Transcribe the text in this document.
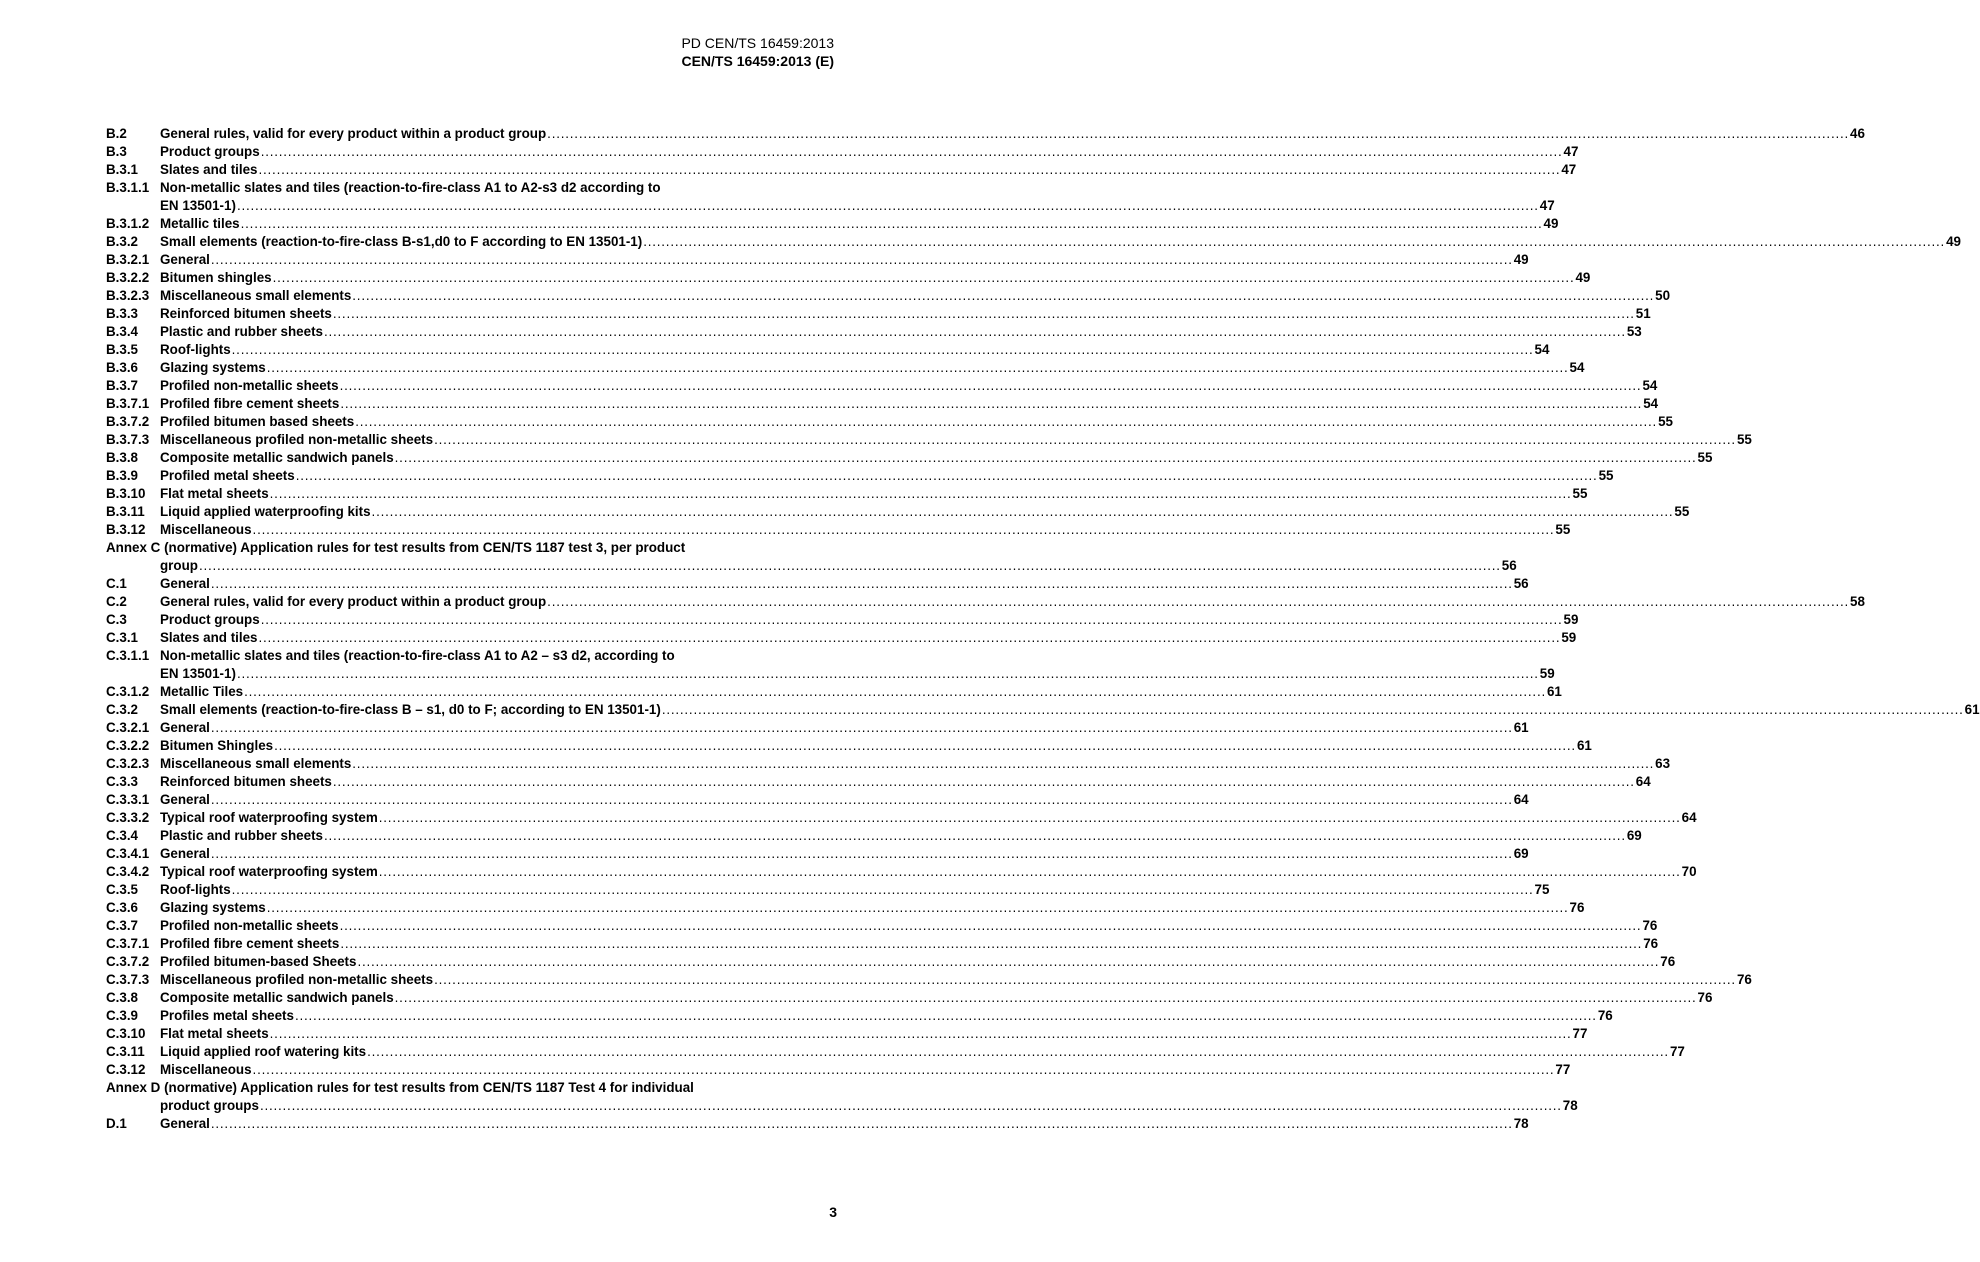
PD CEN/TS 16459:2013
CEN/TS 16459:2013 (E)
B.2	General rules, valid for every product within a product group .....	46
B.3	Product groups .....	47
B.3.1	Slates and tiles .....	47
B.3.1.1 Non-metallic slates and tiles (reaction-to-fire-class A1 to A2-s3 d2 according to
EN 13501-1) .....	47
B.3.1.2 Metallic tiles .....	49
B.3.2	Small elements (reaction-to-fire-class B-s1,d0 to F according to EN 13501-1) .....	49
B.3.2.1 General .....	49
B.3.2.2 Bitumen shingles .....	49
B.3.2.3 Miscellaneous small elements .....	50
B.3.3	Reinforced bitumen sheets .....	51
B.3.4	Plastic and rubber sheets .....	53
B.3.5	Roof-lights .....	54
B.3.6	Glazing systems .....	54
B.3.7	Profiled non-metallic sheets .....	54
B.3.7.1 Profiled fibre cement sheets .....	54
B.3.7.2 Profiled bitumen based sheets .....	55
B.3.7.3 Miscellaneous profiled non-metallic sheets .....	55
B.3.8	Composite metallic sandwich panels .....	55
B.3.9	Profiled metal sheets .....	55
B.3.10	Flat metal sheets .....	55
B.3.11	Liquid applied waterproofing kits .....	55
B.3.12	Miscellaneous .....	55
Annex C (normative) Application rules for test results from CEN/TS 1187 test 3, per product
group .....	56
C.1	General .....	56
C.2	General rules, valid for every product within a product group .....	58
C.3	Product groups .....	59
C.3.1	Slates and tiles .....	59
C.3.1.1 Non-metallic slates and tiles (reaction-to-fire-class A1 to A2 – s3 d2, according to
EN 13501-1) .....	59
C.3.1.2 Metallic Tiles .....	61
C.3.2	Small elements (reaction-to-fire-class B – s1, d0 to F; according to EN 13501-1) .....	61
C.3.2.1 General .....	61
C.3.2.2 Bitumen Shingles .....	61
C.3.2.3 Miscellaneous small elements .....	63
C.3.3	Reinforced bitumen sheets .....	64
C.3.3.1 General .....	64
C.3.3.2 Typical roof waterproofing system .....	64
C.3.4	Plastic and rubber sheets .....	69
C.3.4.1 General .....	69
C.3.4.2 Typical roof waterproofing system .....	70
C.3.5	Roof-lights .....	75
C.3.6	Glazing systems .....	76
C.3.7	Profiled non-metallic sheets .....	76
C.3.7.1 Profiled fibre cement sheets .....	76
C.3.7.2 Profiled bitumen-based Sheets .....	76
C.3.7.3 Miscellaneous profiled non-metallic sheets .....	76
C.3.8	Composite metallic sandwich panels .....	76
C.3.9	Profiles metal sheets .....	76
C.3.10	Flat metal sheets .....	77
C.3.11	Liquid applied roof watering kits .....	77
C.3.12	Miscellaneous .....	77
Annex D (normative) Application rules for test results from CEN/TS 1187 Test 4 for individual
product groups .....	78
D.1	General .....	78
3
